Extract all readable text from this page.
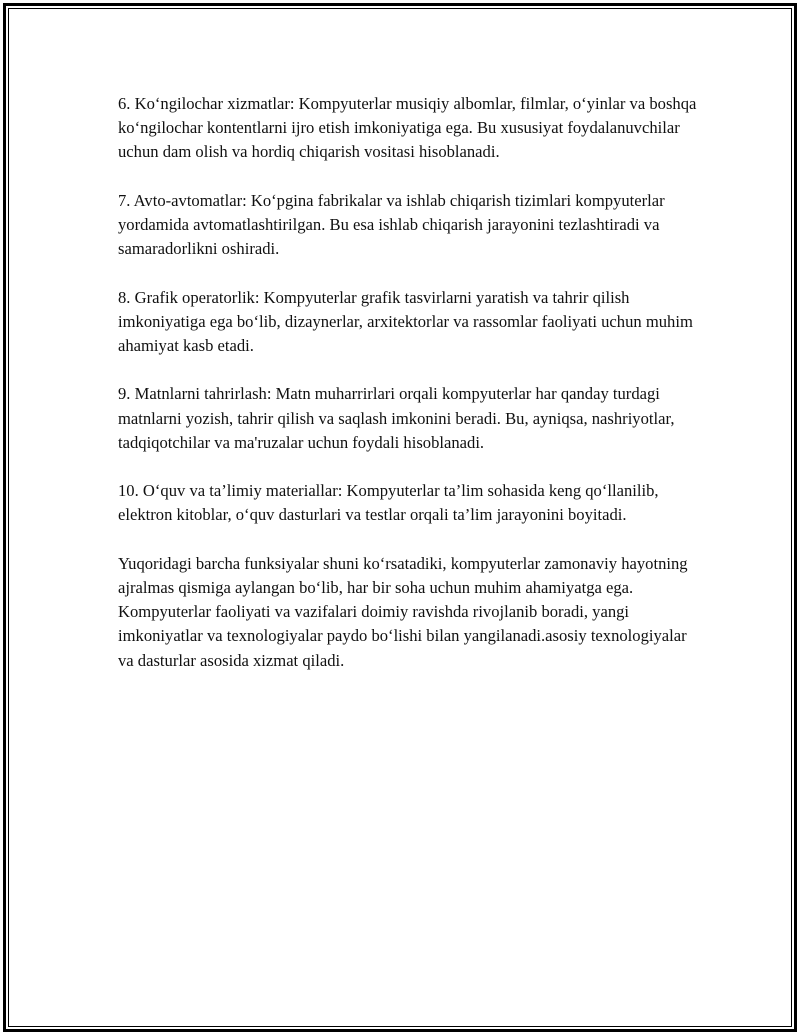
6. Ko‘ngilochar xizmatlar: Kompyuterlar musiqiy albomlar, filmlar, o‘yinlar va boshqa ko‘ngilochar kontentlarni ijro etish imkoniyatiga ega. Bu xususiyat foydalanuvchilar uchun dam olish va hordiq chiqarish vositasi hisoblanadi.

7. Avto-avtomatlar: Ko‘pgina fabrikalar va ishlab chiqarish tizimlari kompyuterlar yordamida avtomatlashtirilgan. Bu esa ishlab chiqarish jarayonini tezlashtiradi va samaradorlikni oshiradi.

8. Grafik operatorlik: Kompyuterlar grafik tasvirlarni yaratish va tahrir qilish imkoniyatiga ega bo‘lib, dizaynerlar, arxitektorlar va rassomlar faoliyati uchun muhim ahamiyat kasb etadi.

9. Matnlarni tahrirlash: Matn muharrirlari orqali kompyuterlar har qanday turdagi matnlarni yozish, tahrir qilish va saqlash imkonini beradi. Bu, ayniqsa, nashriyotlar, tadqiqotchilar va ma'ruzalar uchun foydali hisoblanadi.

10. O‘quv va ta’limiy materiallar: Kompyuterlar ta’lim sohasida keng qo‘llanilib, elektron kitoblar, o‘quv dasturlari va testlar orqali ta’lim jarayonini boyitadi.

Yuqoridagi barcha funksiyalar shuni ko‘rsatadiki, kompyuterlar zamonaviy hayotning ajralmas qismiga aylangan bo‘lib, har bir soha uchun muhim ahamiyatga ega. Kompyuterlar faoliyati va vazifalari doimiy ravishda rivojlanib boradi, yangi imkoniyatlar va texnologiyalar paydo bo‘lishi bilan yangilanadi.asosiy texnologiyalar va dasturlar asosida xizmat qiladi.
